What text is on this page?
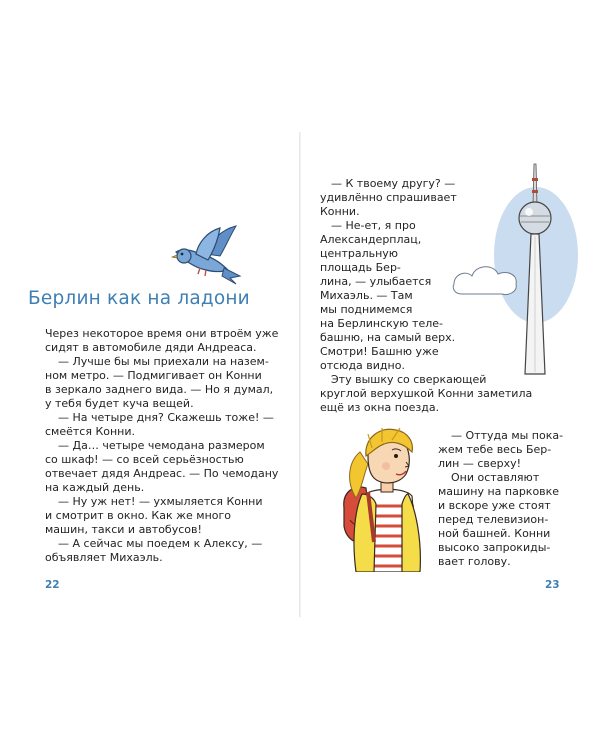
Берлин как на ладони
Через некоторое время они втроём уже
сидят в автомобиле дяди Андреаса.
— Лучше бы мы приехали на назем-
ном метро. — Подмигивает он Конни
в зеркало заднего вида. — Но я думал,
у тебя будет куча вещей.
— На четыре дня? Скажешь тоже! —
смеётся Конни.
— Да… четыре чемодана размером
со шкаф! — со всей серьёзностью
отвечает дядя Андреас. — По чемодану
на каждый день.
— Ну уж нет! — ухмыляется Конни
и смотрит в окно. Как же много
машин, такси и автобусов!
— А сейчас мы поедем к Алексу, —
объявляет Михаэль.
22
— К твоему другу? —
удивлённо спрашивает
Конни.
— Не-ет, я про
Александерплац,
центральную
площадь Бер-
лина, — улыбается
Михаэль. — Там
мы поднимемся
на Берлинскую теле-
башню, на самый верх.
Смотри! Башню уже
отсюда видно.
Эту вышку со сверкающей
круглой верхушкой Конни заметила
ещё из окна поезда.
— Оттуда мы пока-
жем тебе весь Бер-
лин — сверху!
Они оставляют
машину на парковке
и вскоре уже стоят
перед телевизион-
ной башней. Конни
высоко запрокиды-
вает голову.
23
